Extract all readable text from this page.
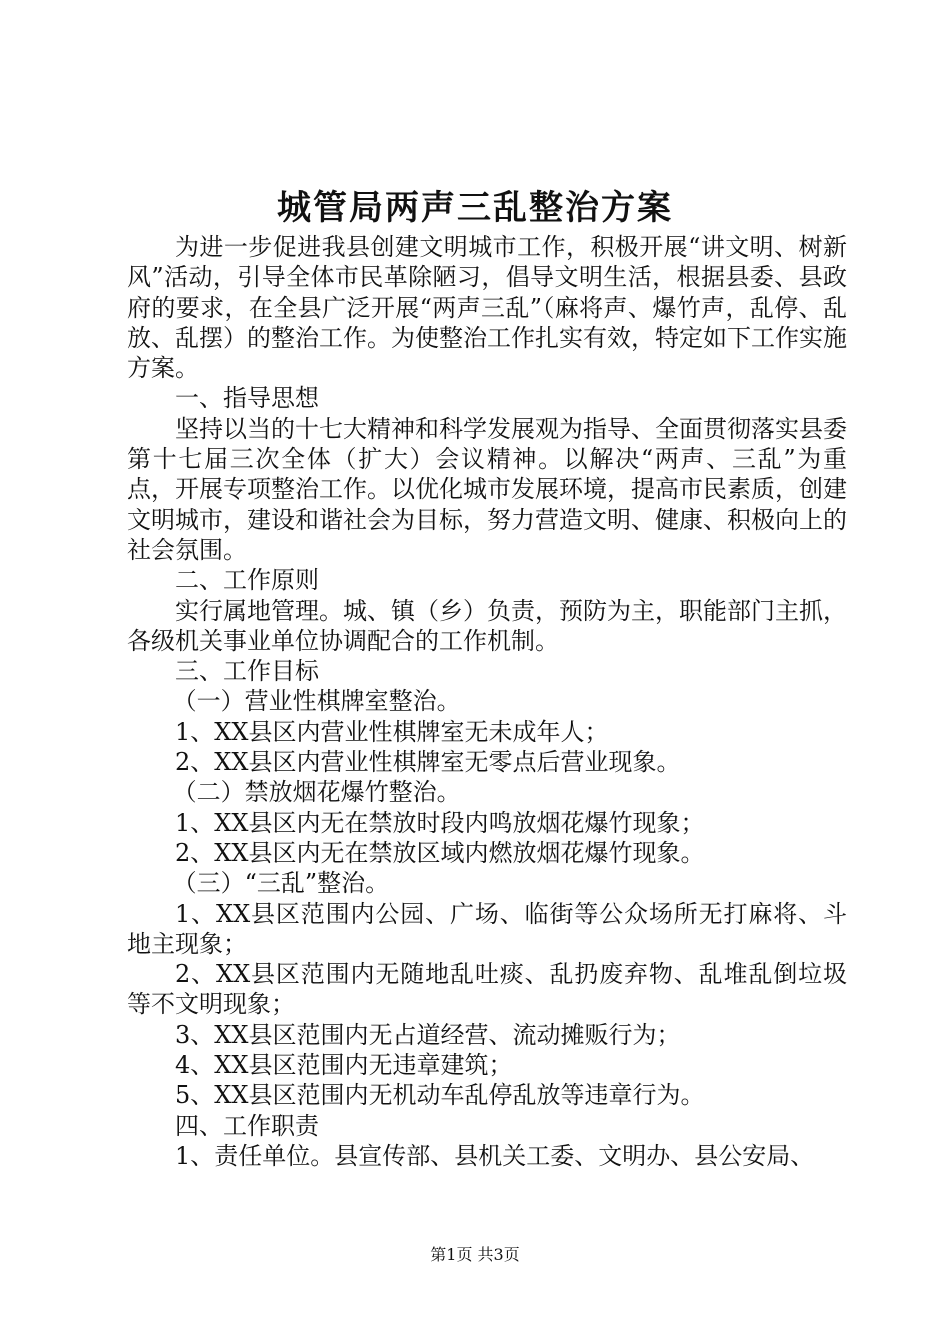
城管局两声三乱整治方案

为进一步促进我县创建文明城市工作，积极开展“讲文明、树新风”活动，引导全体市民革除陋习，倡导文明生活，根据县委、县政府的要求，在全县广泛开展“两声三乱”（麻将声、爆竹声，乱停、乱放、乱摆）的整治工作。为使整治工作扎实有效，特定如下工作实施方案。

一、指导思想

坚持以当的十七大精神和科学发展观为指导、全面贯彻落实县委第十七届三次全体（扩大）会议精神。以解决“两声、三乱”为重点，开展专项整治工作。以优化城市发展环境，提高市民素质，创建文明城市，建设和谐社会为目标，努力营造文明、健康、积极向上的社会氛围。

二、工作原则

实行属地管理。城、镇（乡）负责，预防为主，职能部门主抓，各级机关事业单位协调配合的工作机制。

三、工作目标

（一）营业性棋牌室整治。

1、XX县区内营业性棋牌室无未成年人；

2、XX县区内营业性棋牌室无零点后营业现象。

（二）禁放烟花爆竹整治。

1、XX县区内无在禁放时段内鸣放烟花爆竹现象；

2、XX县区内无在禁放区域内燃放烟花爆竹现象。

（三）“三乱”整治。

1、XX县区范围内公园、广场、临街等公众场所无打麻将、斗地主现象；

2、XX县区范围内无随地乱吐痰、乱扔废弃物、乱堆乱倒垃圾等不文明现象；

3、XX县区范围内无占道经营、流动摊贩行为；

4、XX县区范围内无违章建筑；

5、XX县区范围内无机动车乱停乱放等违章行为。

四、工作职责

1、责任单位。县宣传部、县机关工委、文明办、县公安局、

第1页 共3页
